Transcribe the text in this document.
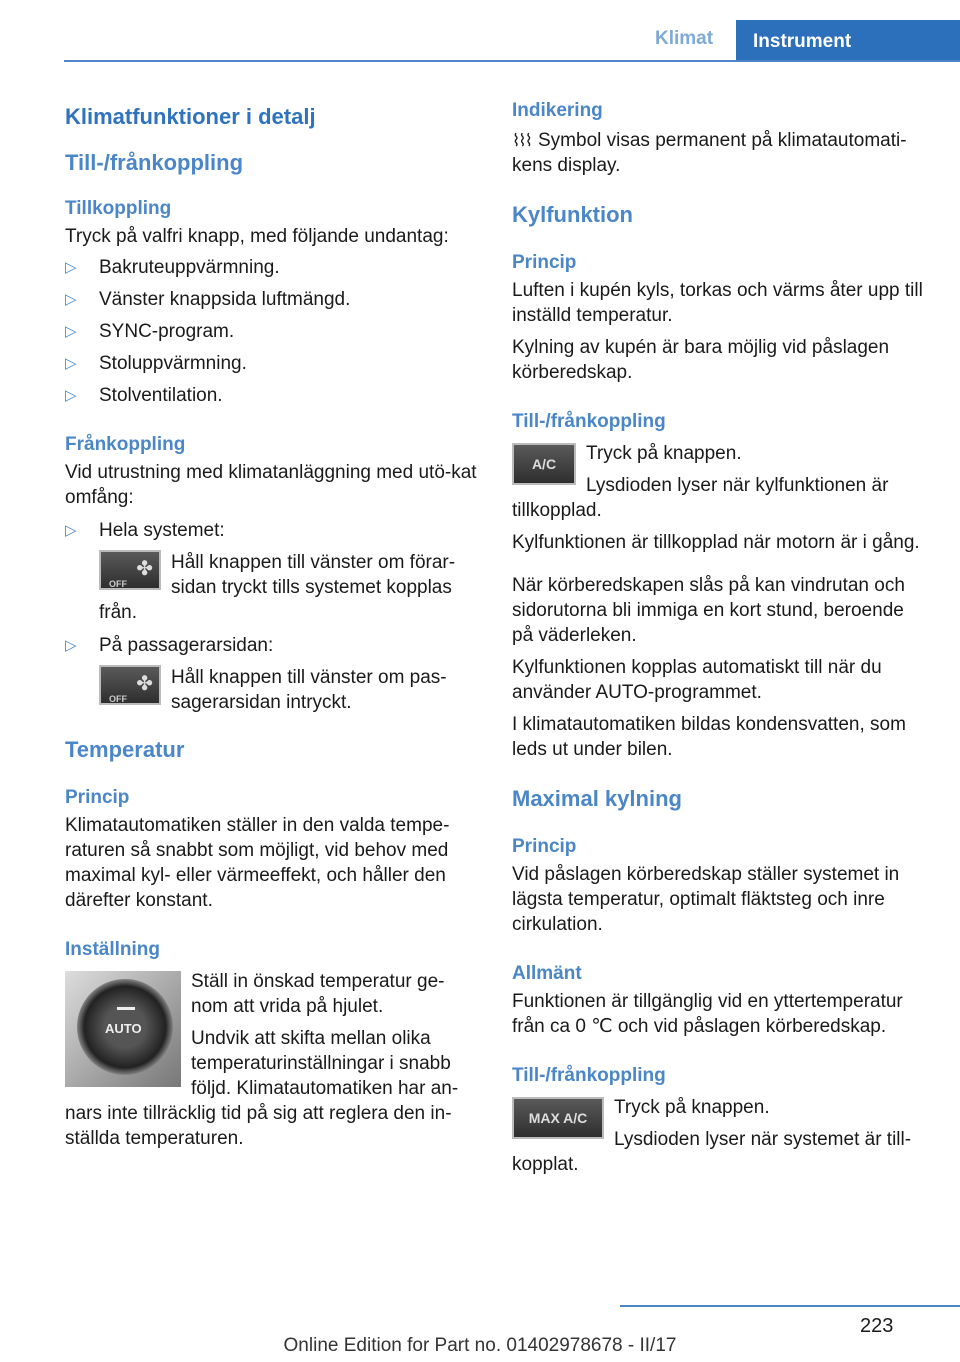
Klimat	Instrument
Klimatfunktioner i detalj
Till-/frånkoppling
Tillkoppling

Tryck på valfri knapp, med följande undantag:

▷ Bakruteuppvärmning.
▷ Vänster knappsida luftmängd.
▷ SYNC-program.
▷ Stoluppvärmning.
▷ Stolventilation.
Frånkoppling

Vid utrustning med klimatanläggning med utö-kat omfång:

▷ Hela systemet:
OFF
✤ Håll knappen till vänster om förar-sidan tryckt tills systemet kopplas från.

▷ På passagerarsidan:
OFF
✤ Håll knappen till vänster om pas-sagerarsidan intryckt.

Temperatur
Princip

Klimatautomatiken ställer in den valda tempe-raturen så snabbt som möjligt, vid behov med maximal kyl- eller värmeeffekt, och håller den därefter konstant.

Inställning
AUTO

Ställ in önskad temperatur ge-nom att vrida på hjulet.

Undvik att skifta mellan olika temperaturinställningar i snabb följd. Klimatautomatiken har an-nars inte tillräcklig tid på sig att reglera den in-ställda temperaturen.

Indikering

⌇⌇⌇ Symbol visas permanent på klimatautomati-kens display.

Kylfunktion
Princip

Luften i kupén kyls, torkas och värms åter upp till inställd temperatur.

Kylning av kupén är bara möjlig vid påslagen körberedskap.

Till-/frånkoppling
A/C	Tryck på knappen.

Lysdioden lyser när kylfunktionen är tillkopplad.

Kylfunktionen är tillkopplad när motorn är i gång.

När körberedskapen slås på kan vindrutan och sidorutorna bli immiga en kort stund, beroende på väderleken.

Kylfunktionen kopplas automatiskt till när du använder AUTO-programmet.

I klimatautomatiken bildas kondensvatten, som leds ut under bilen.

Maximal kylning
Princip

Vid påslagen körberedskap ställer systemet in lägsta temperatur, optimalt fläktsteg och inre cirkulation.

Allmänt

Funktionen är tillgänglig vid en yttertemperatur från ca 0 ℃ och vid påslagen körberedskap.

Till-/frånkoppling
MAX A/C	Tryck på knappen.

Lysdioden lyser när systemet är till-kopplat.

223
Online Edition for Part no. 01402978678 - II/17
